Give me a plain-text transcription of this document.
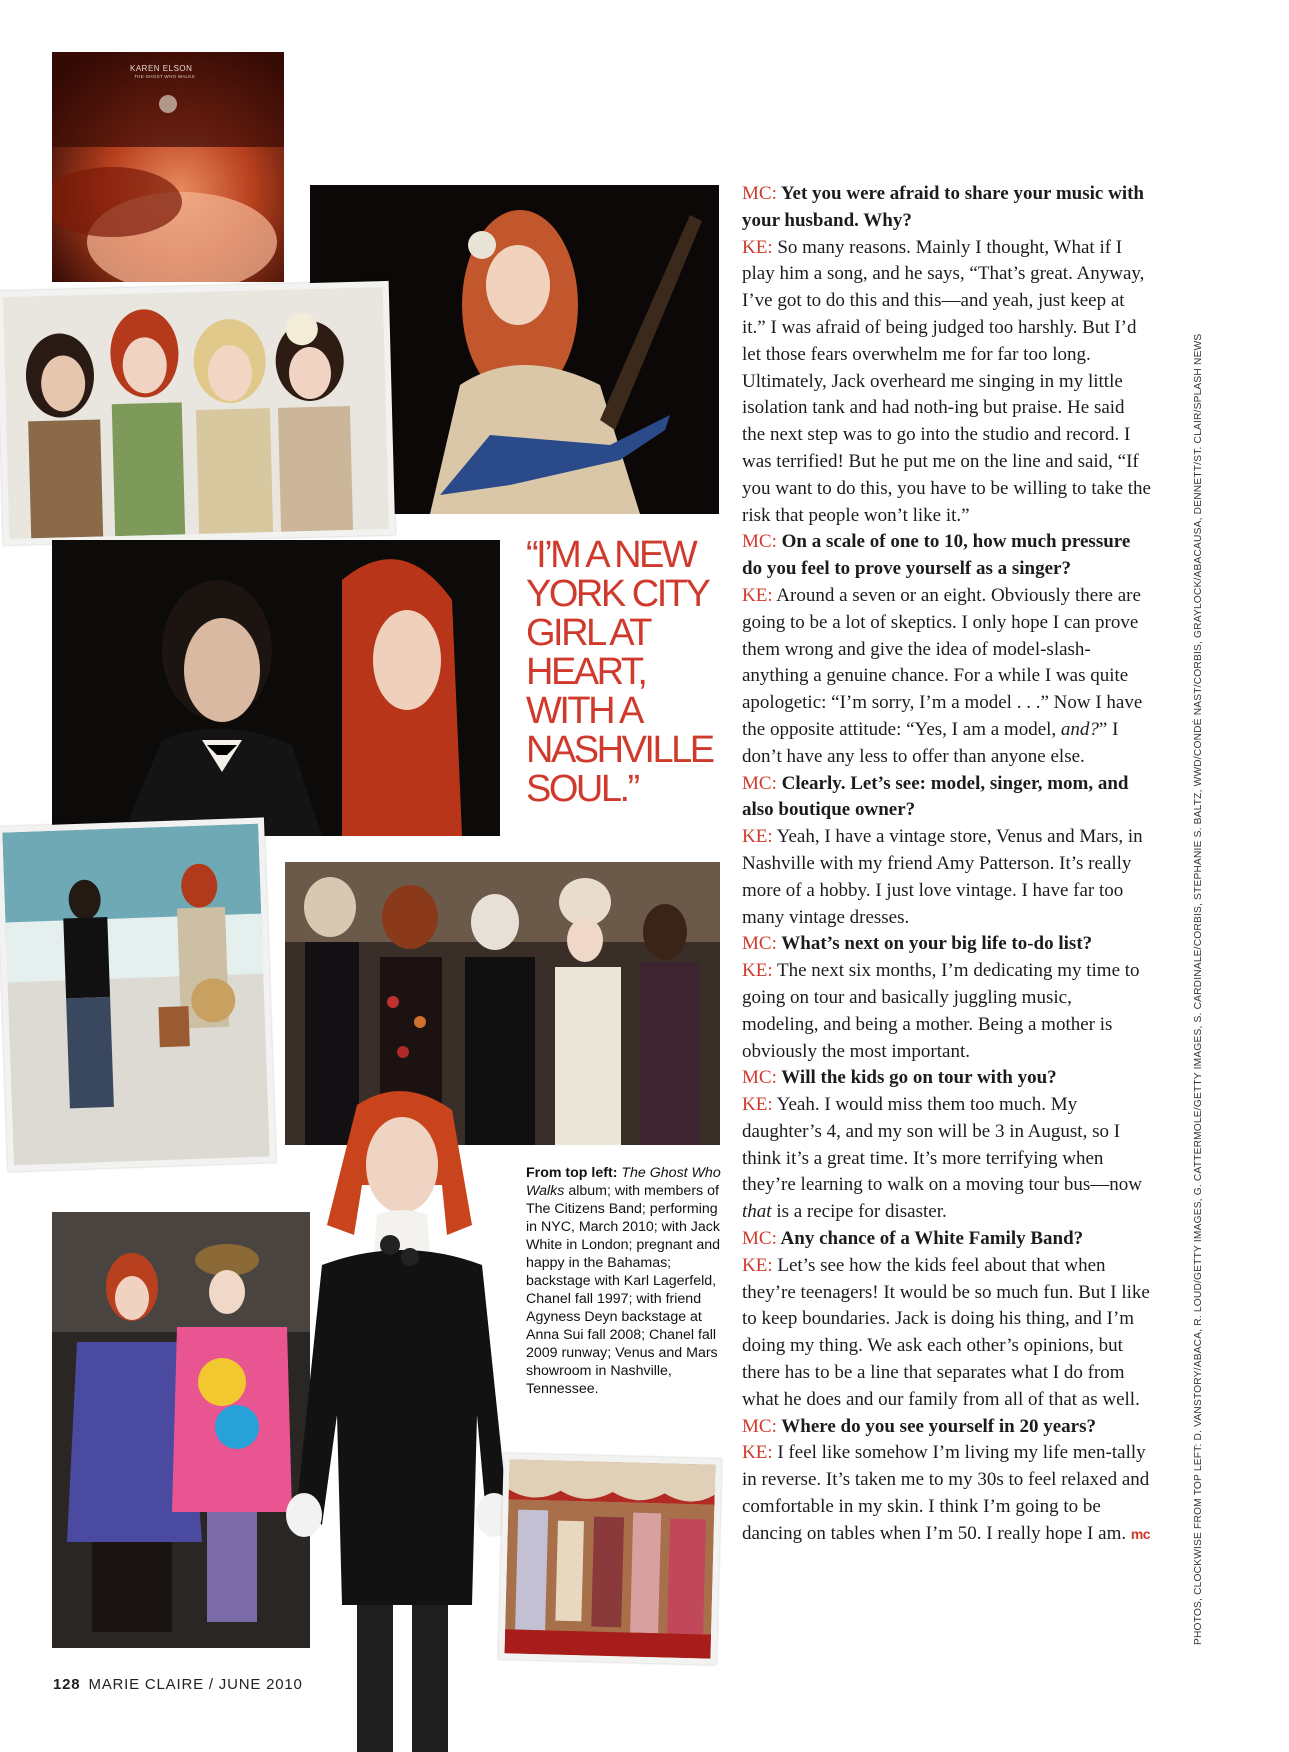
KAREN ELSON
THE GHOST WHO WALKS
“I’M A NEW
YORK CITY
GIRL AT
HEART,
WITH A
NASHVILLE
SOUL.”
From top left: The Ghost Who Walks album; with members of The Citizens Band; performing in NYC, March 2010; with Jack White in London; pregnant and happy in the Bahamas; backstage with Karl Lagerfeld, Chanel fall 1997; with friend Agyness Deyn backstage at Anna Sui fall 2008; Chanel fall 2009 runway; Venus and Mars showroom in Nashville, Tennessee.

MC: Yet you were afraid to share your music with your husband. Why?

KE: So many reasons. Mainly I thought, What if I play him a song, and he says, “That’s great. Anyway, I’ve got to do this and this—and yeah, just keep at it.” I was afraid of being judged too harshly. But I’d let those fears overwhelm me for far too long. Ultimately, Jack overheard me singing in my little isolation tank and had noth-ing but praise. He said the next step was to go into the studio and record. I was terrified! But he put me on the line and said, “If you want to do this, you have to be willing to take the risk that people won’t like it.”

MC: On a scale of one to 10, how much pressure do you feel to prove yourself as a singer?

KE: Around a seven or an eight. Obviously there are going to be a lot of skeptics. I only hope I can prove them wrong and give the idea of model-slash-anything a genuine chance. For a while I was quite apologetic: “I’m sorry, I’m a model . . .” Now I have the opposite attitude: “Yes, I am a model, and?” I don’t have any less to offer than anyone else.

MC: Clearly. Let’s see: model, singer, mom, and also boutique owner?

KE: Yeah, I have a vintage store, Venus and Mars, in Nashville with my friend Amy Patterson. It’s really more of a hobby. I just love vintage. I have far too many vintage dresses.

MC: What’s next on your big life to-do list?

KE: The next six months, I’m dedicating my time to going on tour and basically juggling music, modeling, and being a mother. Being a mother is obviously the most important.

MC: Will the kids go on tour with you?

KE: Yeah. I would miss them too much. My daughter’s 4, and my son will be 3 in August, so I think it’s a great time. It’s more terrifying when they’re learning to walk on a moving tour bus—now that is a recipe for disaster.

MC: Any chance of a White Family Band?

KE: Let’s see how the kids feel about that when they’re teenagers! It would be so much fun. But I like to keep boundaries. Jack is doing his thing, and I’m doing my thing. We ask each other’s opinions, but there has to be a line that separates what I do from what he does and our family from all of that as well.

MC: Where do you see yourself in 20 years?

KE: I feel like somehow I’m living my life men-tally in reverse. It’s taken me to my 30s to feel relaxed and comfortable in my skin. I think I’m going to be dancing on tables when I’m 50. I really hope I am. mc	PHOTOS, CLOCKWISE FROM TOP LEFT: D. VANSTORY/ABACA, R. LOUD/GETTY IMAGES, G. CATTERMOLE/GETTY IMAGES, S. CARDINALE/CORBIS, STEPHANIE S. BALTZ, WWD/CONDÉ NAST/CORBIS, GRAYLOCK/ABACAUSA, DENNETT/ST. CLAIR/SPLASH NEWS
128 MARIE CLAIRE / JUNE 2010
